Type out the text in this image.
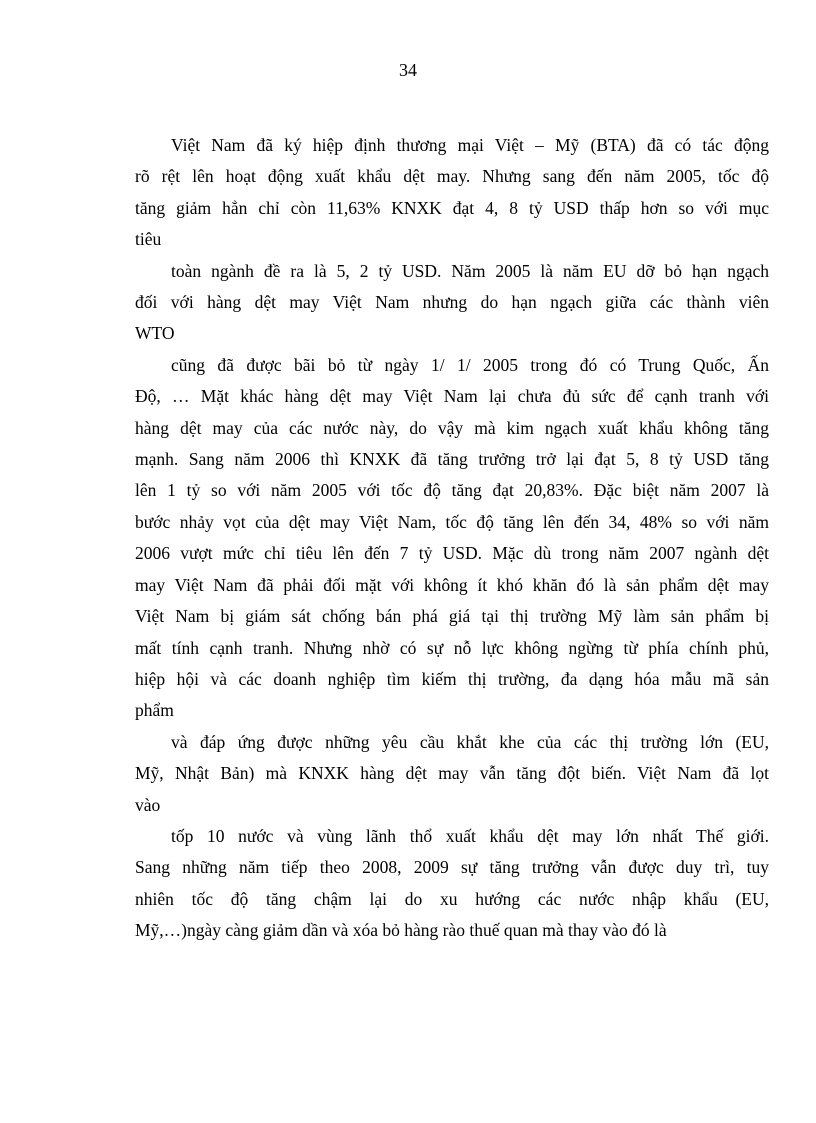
34

Việt Nam đã ký hiệp định thương mại Việt – Mỹ (BTA) đã có tác động
rõ rệt lên hoạt động xuất khẩu dệt may. Nhưng sang đến năm 2005, tốc độ
tăng giảm hẳn chỉ còn 11,63% KNXK đạt 4, 8 tỷ USD thấp hơn so với mục
tiêu

toàn ngành đề ra là 5, 2 tỷ USD. Năm 2005 là năm EU dỡ bỏ hạn ngạch
đối với hàng dệt may Việt Nam nhưng do hạn ngạch giữa các thành viên
WTO

cũng đã được bãi bỏ từ ngày 1/ 1/ 2005 trong đó có Trung Quốc, Ấn
Độ, … Mặt khác hàng dệt may Việt Nam lại chưa đủ sức để cạnh tranh với
hàng dệt may của các nước này, do vậy mà kim ngạch xuất khẩu không tăng
mạnh. Sang năm 2006 thì KNXK đã tăng trưởng trở lại đạt 5, 8 tỷ USD tăng
lên 1 tỷ so với năm 2005 với tốc độ tăng đạt 20,83%. Đặc biệt năm 2007 là
bước nhảy vọt của dệt may Việt Nam, tốc độ tăng lên đến 34, 48% so với năm
2006 vượt mức chỉ tiêu lên đến 7 tỷ USD. Mặc dù trong năm 2007 ngành dệt
may Việt Nam đã phải đối mặt với không ít khó khăn đó là sản phẩm dệt may
Việt Nam bị giám sát chống bán phá giá tại thị trường Mỹ làm sản phẩm bị
mất tính cạnh tranh. Nhưng nhờ có sự nỗ lực không ngừng từ phía chính phủ,
hiệp hội và các doanh nghiệp tìm kiếm thị trường, đa dạng hóa mẫu mã sản
phẩm

và đáp ứng được những yêu cầu khắt khe của các thị trường lớn (EU,
Mỹ, Nhật Bản) mà KNXK hàng dệt may vẫn tăng đột biến. Việt Nam đã lọt
vào

tốp 10 nước và vùng lãnh thổ xuất khẩu dệt may lớn nhất Thế giới.
Sang những năm tiếp theo 2008, 2009 sự tăng trưởng vẫn được duy trì, tuy
nhiên tốc độ tăng chậm lại do xu hướng các nước nhập khẩu (EU,
Mỹ,…)ngày càng giảm dần và xóa bỏ hàng rào thuế quan mà thay vào đó là
